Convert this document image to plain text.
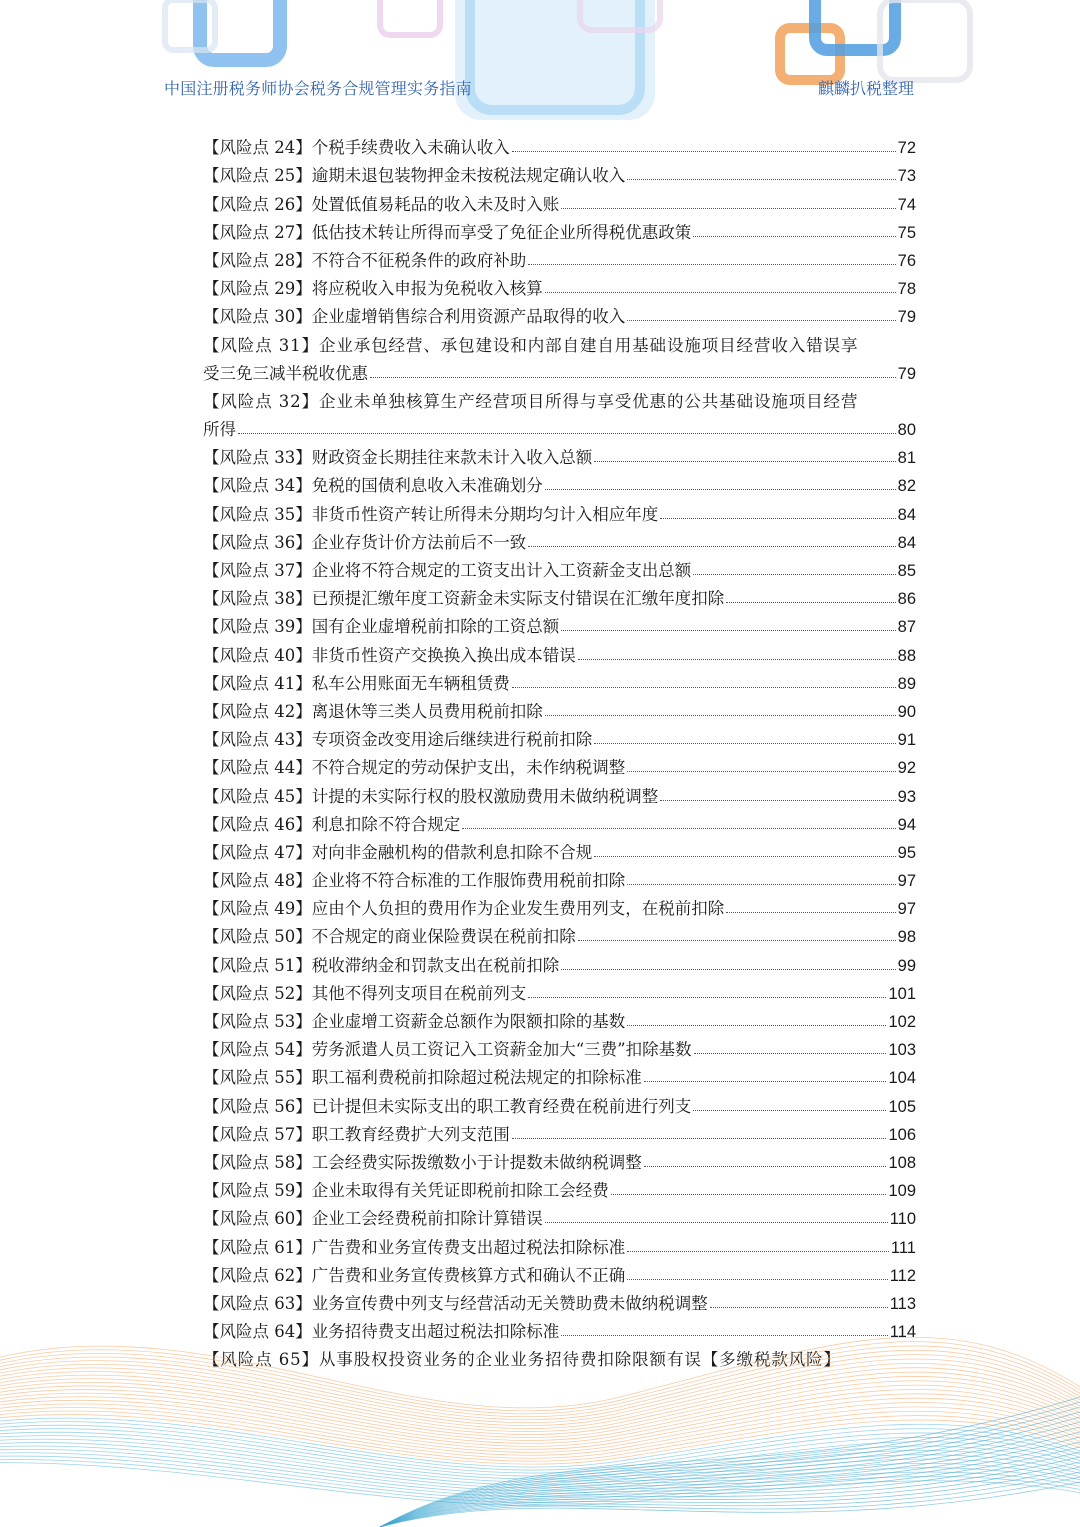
中国注册税务师协会税务合规管理实务指南	麒麟扒税整理
【风险点 24】个税手续费收入未确认收入	72
【风险点 25】逾期未退包装物押金未按税法规定确认收入	73
【风险点 26】处置低值易耗品的收入未及时入账	74
【风险点 27】低估技术转让所得而享受了免征企业所得税优惠政策	75
【风险点 28】不符合不征税条件的政府补助	76
【风险点 29】将应税收入申报为免税收入核算	78
【风险点 30】企业虚增销售综合利用资源产品取得的收入	79
【风险点 31】企业承包经营、承包建设和内部自建自用基础设施项目经营收入错误享
受三免三减半税收优惠	79
【风险点 32】企业未单独核算生产经营项目所得与享受优惠的公共基础设施项目经营
所得	80
【风险点 33】财政资金长期挂往来款未计入收入总额	81
【风险点 34】免税的国债利息收入未准确划分	82
【风险点 35】非货币性资产转让所得未分期均匀计入相应年度	84
【风险点 36】企业存货计价方法前后不一致	84
【风险点 37】企业将不符合规定的工资支出计入工资薪金支出总额	85
【风险点 38】已预提汇缴年度工资薪金未实际支付错误在汇缴年度扣除	86
【风险点 39】国有企业虚增税前扣除的工资总额	87
【风险点 40】非货币性资产交换换入换出成本错误	88
【风险点 41】私车公用账面无车辆租赁费	89
【风险点 42】离退休等三类人员费用税前扣除	90
【风险点 43】专项资金改变用途后继续进行税前扣除	91
【风险点 44】不符合规定的劳动保护支出，未作纳税调整	92
【风险点 45】计提的未实际行权的股权激励费用未做纳税调整	93
【风险点 46】利息扣除不符合规定	94
【风险点 47】对向非金融机构的借款利息扣除不合规	95
【风险点 48】企业将不符合标准的工作服饰费用税前扣除	97
【风险点 49】应由个人负担的费用作为企业发生费用列支，在税前扣除	97
【风险点 50】不合规定的商业保险费误在税前扣除	98
【风险点 51】税收滞纳金和罚款支出在税前扣除	99
【风险点 52】其他不得列支项目在税前列支	101
【风险点 53】企业虚增工资薪金总额作为限额扣除的基数	102
【风险点 54】劳务派遣人员工资记入工资薪金加大“三费”扣除基数	103
【风险点 55】职工福利费税前扣除超过税法规定的扣除标准	104
【风险点 56】已计提但未实际支出的职工教育经费在税前进行列支	105
【风险点 57】职工教育经费扩大列支范围	106
【风险点 58】工会经费实际拨缴数小于计提数未做纳税调整	108
【风险点 59】企业未取得有关凭证即税前扣除工会经费	109
【风险点 60】企业工会经费税前扣除计算错误	110
【风险点 61】广告费和业务宣传费支出超过税法扣除标准	111
【风险点 62】广告费和业务宣传费核算方式和确认不正确	112
【风险点 63】业务宣传费中列支与经营活动无关赞助费未做纳税调整	113
【风险点 64】业务招待费支出超过税法扣除标准	114
【风险点 65】从事股权投资业务的企业业务招待费扣除限额有误【多缴税款风险】
